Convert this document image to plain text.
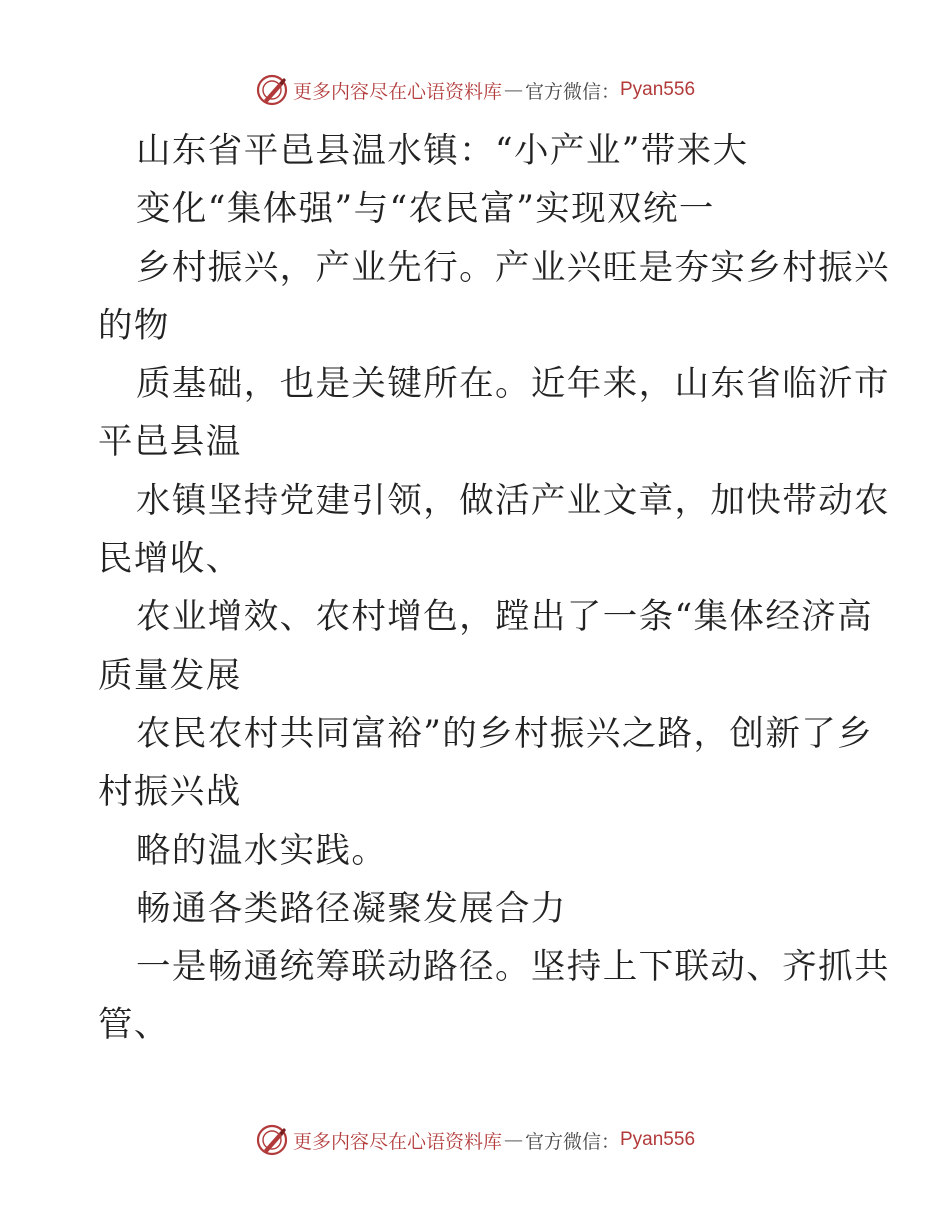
更多内容尽在心语资料库 — 官方微信： Pyan556
山东省平邑县温水镇：“小产业”带来大
变化“集体强”与“农民富”实现双统一
乡村振兴，产业先行。产业兴旺是夯实乡村振兴
的物
质基础，也是关键所在。近年来，山东省临沂市
平邑县温
水镇坚持党建引领，做活产业文章，加快带动农
民增收、
农业增效、农村增色，蹚出了一条“集体经济高
质量发展
农民农村共同富裕”的乡村振兴之路，创新了乡
村振兴战
略的温水实践。
畅通各类路径凝聚发展合力
一是畅通统筹联动路径。坚持上下联动、齐抓共
管、
更多内容尽在心语资料库 — 官方微信： Pyan556
